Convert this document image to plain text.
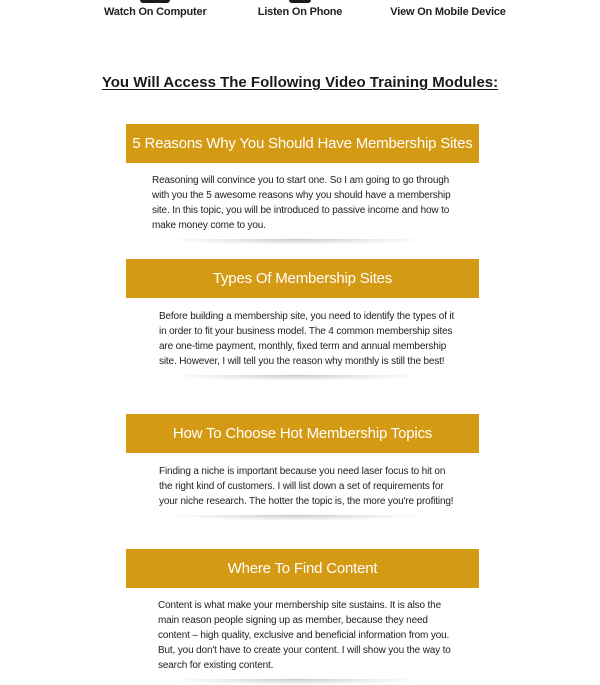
Watch On Computer	Listen On Phone	View On Mobile Device
You Will Access The Following Video Training Modules:
5 Reasons Why You Should Have Membership Sites
Reasoning will convince you to start one. So I am going to go through with you the 5 awesome reasons why you should have a membership site. In this topic, you will be introduced to passive income and how to make money come to you.
Types Of Membership Sites
Before building a membership site, you need to identify the types of it in order to fit your business model. The 4 common membership sites are one-time payment, monthly, fixed term and annual membership site. However, I will tell you the reason why monthly is still the best!
How To Choose Hot Membership Topics
Finding a niche is important because you need laser focus to hit on the right kind of customers. I will list down a set of requirements for your niche research. The hotter the topic is, the more you're profiting!
Where To Find Content
Content is what make your membership site sustains. It is also the main reason people signing up as member, because they need content – high quality, exclusive and beneficial information from you. But, you don't have to create your content. I will show you the way to search for existing content.
